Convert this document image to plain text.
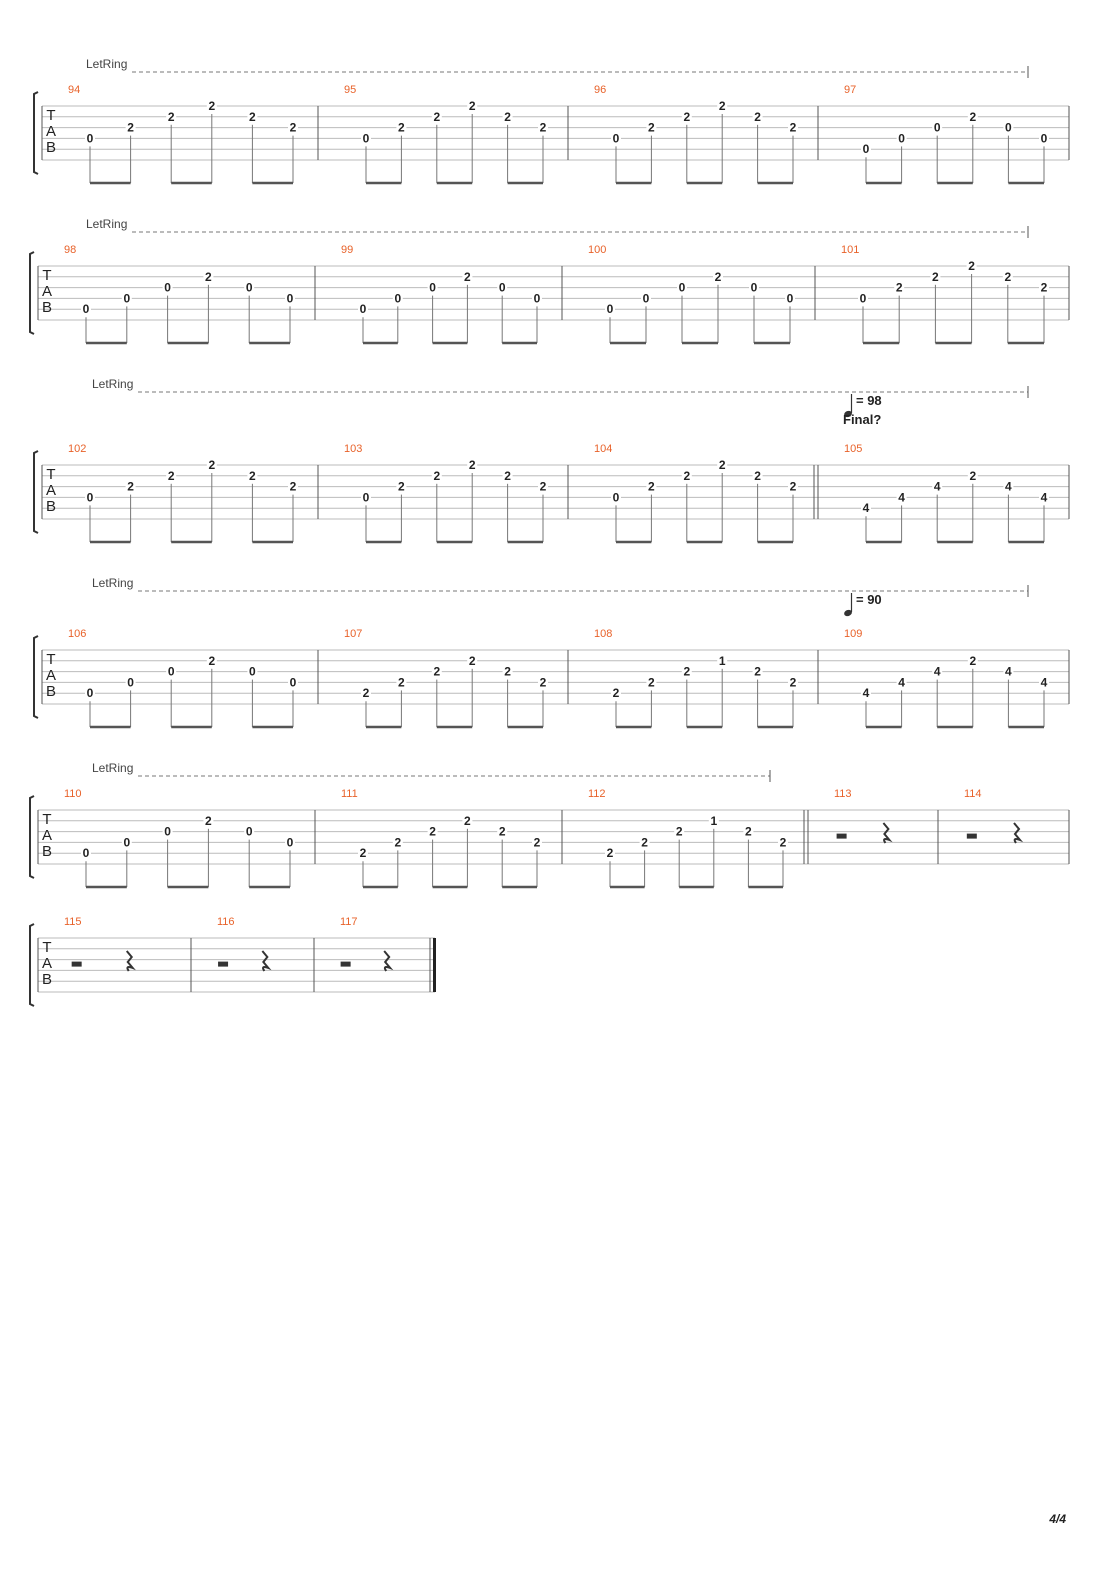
T
A
B
LetRing
94
0
2
2
2
2
2
95
0
2
2
2
2
2
96
0
2
2
2
2
2
97
0
0
0
2
0
0
T
A
B
LetRing
98
0
0
0
2
0
0
99
0
0
0
2
0
0
100
0
0
0
2
0
0
101
0
2
2
2
2
2
T
A
B
LetRing
102
0
2
2
2
2
2
103
0
2
2
2
2
2
104
0
2
2
2
2
2
105
4
4
4
2
4
4
= 98
Final?
T
A
B
LetRing
106
0
0
0
2
0
0
107
2
2
2
2
2
2
108
2
2
2
1
2
2
109
4
4
4
2
4
4
= 90
T
A
B
LetRing
110
0
0
0
2
0
0
111
2
2
2
2
2
2
112
2
2
2
1
2
2
113	114
T
A
B
115	116	117
4/4
